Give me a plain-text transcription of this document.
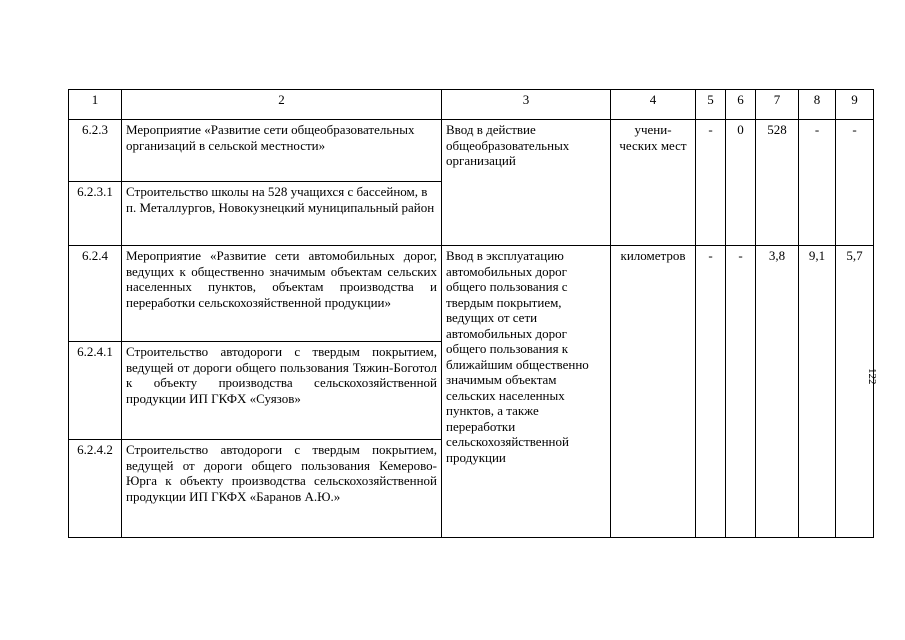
1	2	3	4	5	6	7	8	9
6.2.3	Мероприятие «Развитие сети общеобразовательных организаций в сельской местности»	Ввод в действие общеобразовательных организаций	учени-ческих мест	-	0	528	-	-
6.2.3.1	Строительство школы на 528 учащихся с бассейном, в п. Металлургов, Новокузнецкий муниципальный район							
6.2.4	Мероприятие «Развитие сети автомобильных дорог, ведущих к общественно значимым объектам сельских населенных пунктов, объектам производства и переработки сельскохозяйственной продукции»	Ввод в эксплуатацию автомобильных дорог общего пользования с твердым покрытием, ведущих от сети автомобильных дорог общего пользования к ближайшим общественно значимым объектам сельских населенных пунктов, а также переработки сельскохозяйственной продукции	километров	-	-	3,8	9,1	5,7
6.2.4.1	Строительство автодороги с твердым покрытием, ведущей от дороги общего пользования Тяжин-Боготол к объекту производства сельскохозяйственной продукции ИП ГКФХ «Суязов»							
6.2.4.2	Строительство автодороги с твердым покрытием, ведущей от дороги общего пользования Кемерово-Юрга к объекту производства сельскохозяйственной продукции ИП ГКФХ «Баранов А.Ю.»							
122
